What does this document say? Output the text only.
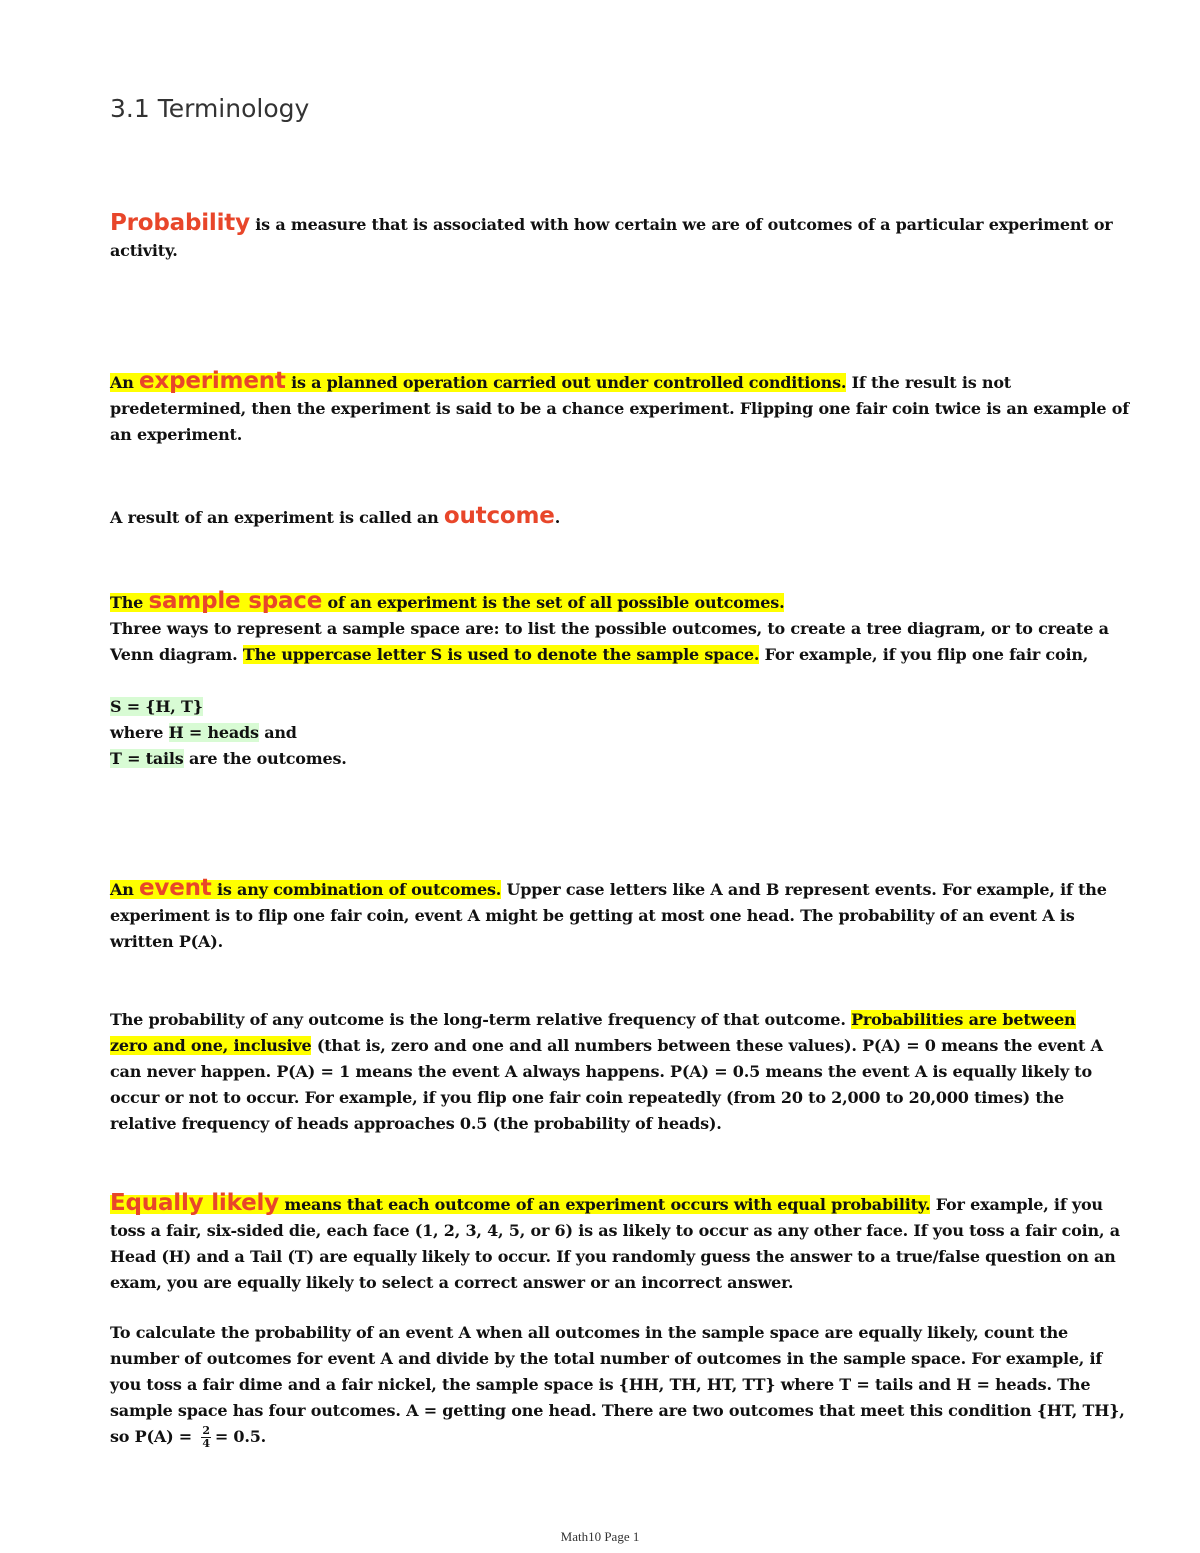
3.1 Terminology
Probability is a measure that is associated with how certain we are of outcomes of a particular experiment or
activity.
An experiment is a planned operation carried out under controlled conditions. If the result is not
predetermined, then the experiment is said to be a chance experiment. Flipping one fair coin twice is an example of
an experiment.
A result of an experiment is called an outcome.
The sample space of an experiment is the set of all possible outcomes.
Three ways to represent a sample space are: to list the possible outcomes, to create a tree diagram, or to create a
Venn diagram. The uppercase letter S is used to denote the sample space. For example, if you flip one fair coin,

S = {H, T}
where H = heads and
T = tails are the outcomes.
An event is any combination of outcomes. Upper case letters like A and B represent events. For example, if the
experiment is to flip one fair coin, event A might be getting at most one head. The probability of an event A is
written P(A).
The probability of any outcome is the long-term relative frequency of that outcome. Probabilities are between
zero and one, inclusive (that is, zero and one and all numbers between these values). P(A) = 0 means the event A
can never happen. P(A) = 1 means the event A always happens. P(A) = 0.5 means the event A is equally likely to
occur or not to occur. For example, if you flip one fair coin repeatedly (from 20 to 2,000 to 20,000 times) the
relative frequency of heads approaches 0.5 (the probability of heads).
Equally likely means that each outcome of an experiment occurs with equal probability. For example, if you
toss a fair, six-sided die, each face (1, 2, 3, 4, 5, or 6) is as likely to occur as any other face. If you toss a fair coin, a
Head (H) and a Tail (T) are equally likely to occur. If you randomly guess the answer to a true/false question on an
exam, you are equally likely to select a correct answer or an incorrect answer.
To calculate the probability of an event A when all outcomes in the sample space are equally likely, count the
number of outcomes for event A and divide by the total number of outcomes in the sample space. For example, if
you toss a fair dime and a fair nickel, the sample space is {HH, TH, HT, TT} where T = tails and H = heads. The
sample space has four outcomes. A = getting one head. There are two outcomes that meet this condition {HT, TH},
so $P(A) = \frac{2}{4} = 0.5$.
Math10 Page 1
